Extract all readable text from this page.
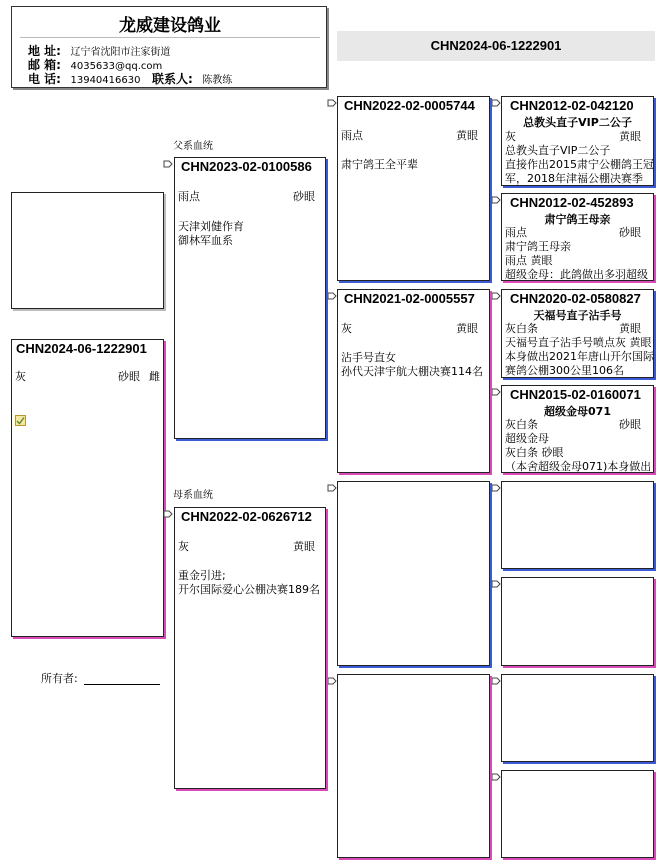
龙威建设鸽业
地 址: 辽宁省沈阳市注家街道
邮 箱: 4035633@qq.com
电 话: 13940416630 联系人: 陈教练
CHN2024-06-1222901
CHN2024-06-1222901
灰	砂眼 雌
所有者:
父系血统
母系血统
CHN2023-02-0100586
雨点	砂眼
天津刘健作育
御林军血系
CHN2022-02-0626712
灰	黄眼
重金引进;
开尔国际爱心公棚决赛189名
CHN2022-02-0005744
雨点	黄眼
肃宁鸽王全平辈
CHN2021-02-0005557
灰	黄眼
沾手号直女
孙代天津宇航大棚决赛114名
CHN2012-02-042120
总教头直子VIP二公子
灰	黄眼
总教头直子VIP二公子
直接作出2015肃宁公棚鸽王冠
军，2018年津福公棚决赛季
CHN2012-02-452893
肃宁鸽王母亲
雨点	砂眼
肃宁鸽王母亲
雨点 黄眼
超级金母：此鸽做出多羽超级
CHN2020-02-0580827
天福号直子沾手号
灰白条	黄眼
天福号直子沾手号喷点灰 黄眼
本身做出2021年唐山开尔国际
赛鸽公棚300公里106名
CHN2015-02-0160071
超级金母071
灰白条	砂眼
超级金母
灰白条 砂眼
（本舍超级金母071)本身做出
